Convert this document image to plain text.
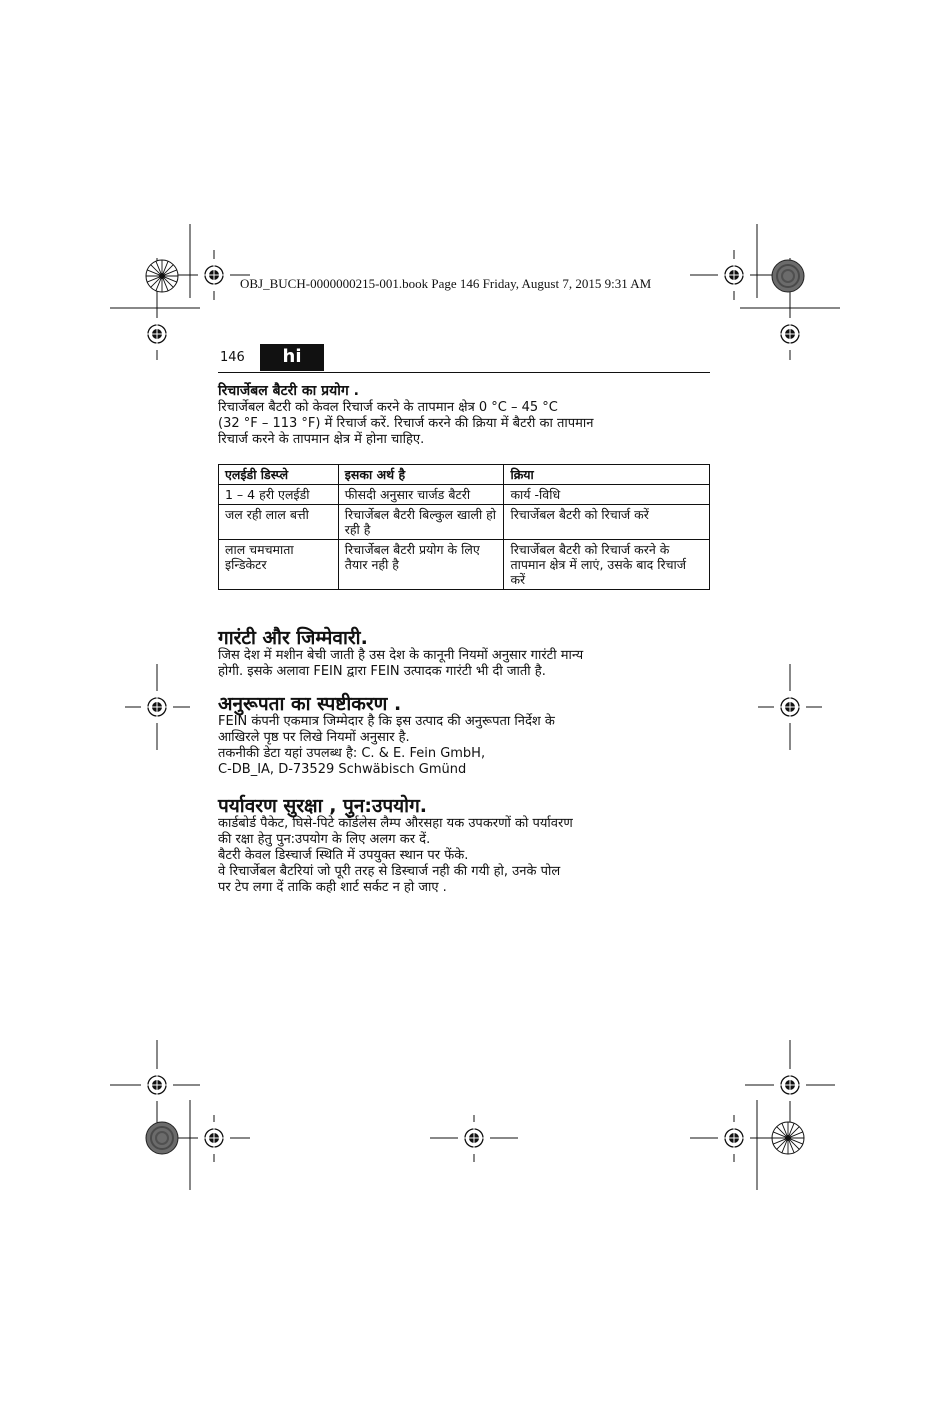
OBJ_BUCH-0000000215-001.book Page 146 Friday, August 7, 2015 9:31 AM
146	hi
रिचार्जेबल बैटरी का प्रयोग .
रिचार्जेबल बैटरी को केवल रिचार्ज करने के तापमान क्षेत्र 0 °C – 45 °C
(32 °F – 113 °F) में रिचार्ज करें. रिचार्ज करने की क्रिया में बैटरी का तापमान
रिचार्ज करने के तापमान क्षेत्र में होना चाहिए.
एलईडी डिस्प्ले	इसका अर्थ है	क्रिया
1 – 4 हरी एलईडी	फीसदी अनुसार चार्जड बैटरी	कार्य -विधि
जल रही लाल बत्ती	रिचार्जेबल बैटरी बिल्कुल खाली हो रही है	रिचार्जेबल बैटरी को रिचार्ज करें
लाल चमचमाता इन्डिकेटर	रिचार्जेबल बैटरी प्रयोग के लिए तैयार नही है	रिचार्जेबल बैटरी को रिचार्ज करने के तापमान क्षेत्र में लाएं, उसके बाद रिचार्ज करें
गारंटी और जिम्मेवारी.
जिस देश में मशीन बेची जाती है उस देश के कानूनी नियमों अनुसार गारंटी मान्य
होगी. इसके अलावा FEIN द्वारा FEIN उत्पादक गारंटी भी दी जाती है.
अनुरूपता का स्पष्टीकरण .
FEIN कंपनी एकमात्र जिम्मेदार है कि इस उत्पाद की अनुरूपता निर्देश के
आखिरले पृष्ठ पर लिखे नियमों अनुसार है.
तकनीकी डेटा यहां उपलब्ध है: C. & E. Fein GmbH,
C-DB_IA, D-73529 Schwäbisch Gmünd
पर्यावरण सुरक्षा , पुन:उपयोग.
कार्डबोर्ड पैकेट, घिसे-पिटे कॉर्डलेस लैम्प औरसहा यक उपकरणों को पर्यावरण
की रक्षा हेतु पुन:उपयोग के लिए अलग कर दें.
बैटरी केवल डिस्चार्ज स्थिति में उपयुक्त स्थान पर फेंके.
वे रिचार्जेबल बैटरियां जो पूरी तरह से डिस्चार्ज नही की गयी हो, उनके पोल
पर टेप लगा दें ताकि कही शार्ट सर्कट न हो जाए .
